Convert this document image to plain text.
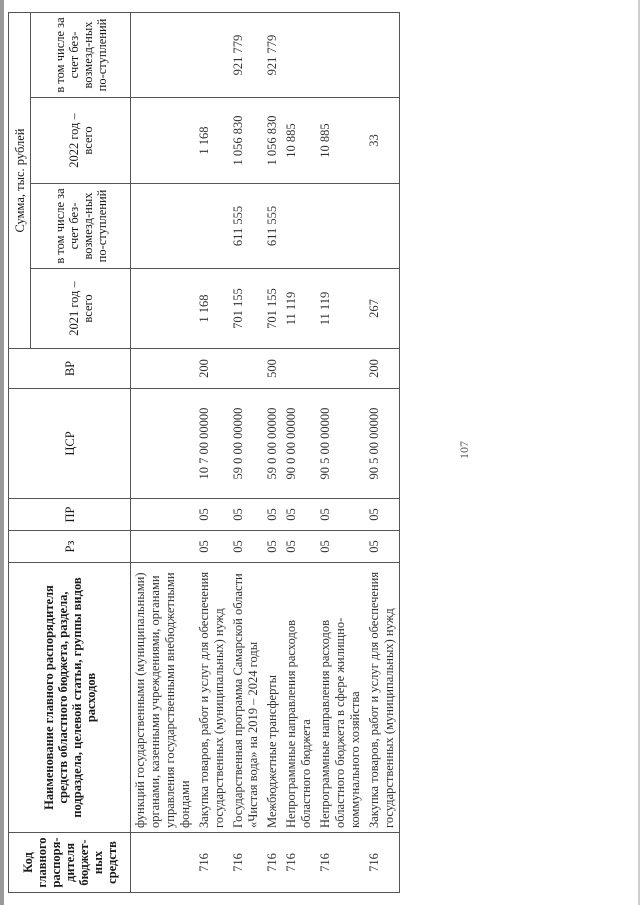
107
Код главного распоря-дителя бюджет-ных средств	Наименование главного распорядителя средств областного бюджета, раздела, подраздела, целевой статьи, группы видов расходов	Рз	ПР	ЦСР	ВР	Сумма, тыс. рублей			
						2021 год – всего	в том числе за счет без-возмезд-ных по-ступлений	2022 год – всего	в том числе за счет без-возмезд-ных по-ступлений
	функций государственными (муниципальными) органами, казенными учреждениями, органами управления государственными внебюджетными фондами								
716	Закупка товаров, работ и услуг для обеспечения государственных (муниципальных) нужд	05	05	10 7 00 00000	200	1 168		1 168	
716	Государственная программа Самарской области «Чистая вода» на 2019 – 2024 годы	05	05	59 0 00 00000		701 155	611 555	1 056 830	921 779
716	Межбюджетные трансферты	05	05	59 0 00 00000	500	701 155	611 555	1 056 830	921 779
716	Непрограммные направления расходов областного бюджета	05	05	90 0 00 00000		11 119		10 885	
716	Непрограммные направления расходов областного бюджета в сфере жилищно-коммунального хозяйства	05	05	90 5 00 00000		11 119		10 885	
716	Закупка товаров, работ и услуг для обеспечения государственных (муниципальных) нужд	05	05	90 5 00 00000	200	267		33	
